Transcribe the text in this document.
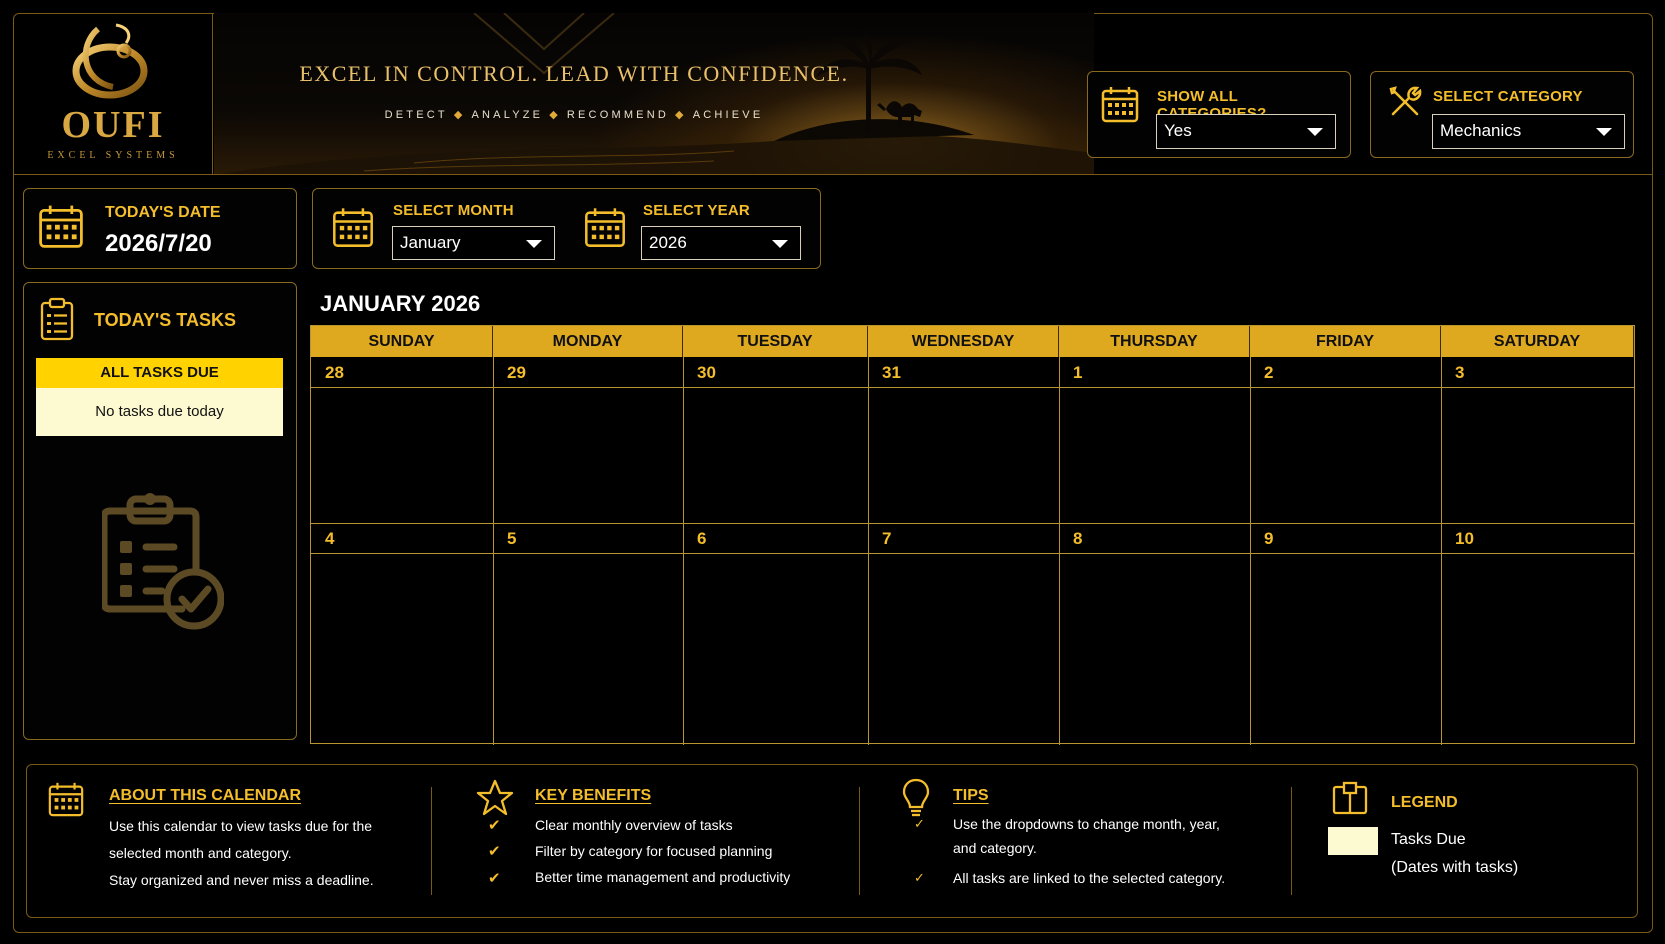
OUFI
EXCEL SYSTEMS
EXCEL IN CONTROL. LEAD WITH CONFIDENCE.
DETECT ◆ ANALYZE ◆ RECOMMEND ◆ ACHIEVE
SHOW ALL
Yes
SELECT CATEGORY
Mechanics
TODAY'S DATE
2026/7/20
SELECT MONTH
January
SELECT YEAR
2026
TODAY'S TASKS
ALL TASKS DUE
No tasks due today
JANUARY 2026
SUNDAY	MONDAY	TUESDAY	WEDNESDAY	THURSDAY	FRIDAY	SATURDAY
28	29	30	31	1	2	3
4	5	6	7	8	9	10
ABOUT THIS CALENDAR
Use this calendar to view tasks due for the
selected month and category.
Stay organized and never miss a deadline.
KEY BENEFITS
✔
✔
✔
Clear monthly overview of tasks
Filter by category for focused planning
Better time management and productivity
TIPS
✓
✓
Use the dropdowns to change month, year,
and category.
All tasks are linked to the selected category.
LEGEND
Tasks Due
(Dates with tasks)
